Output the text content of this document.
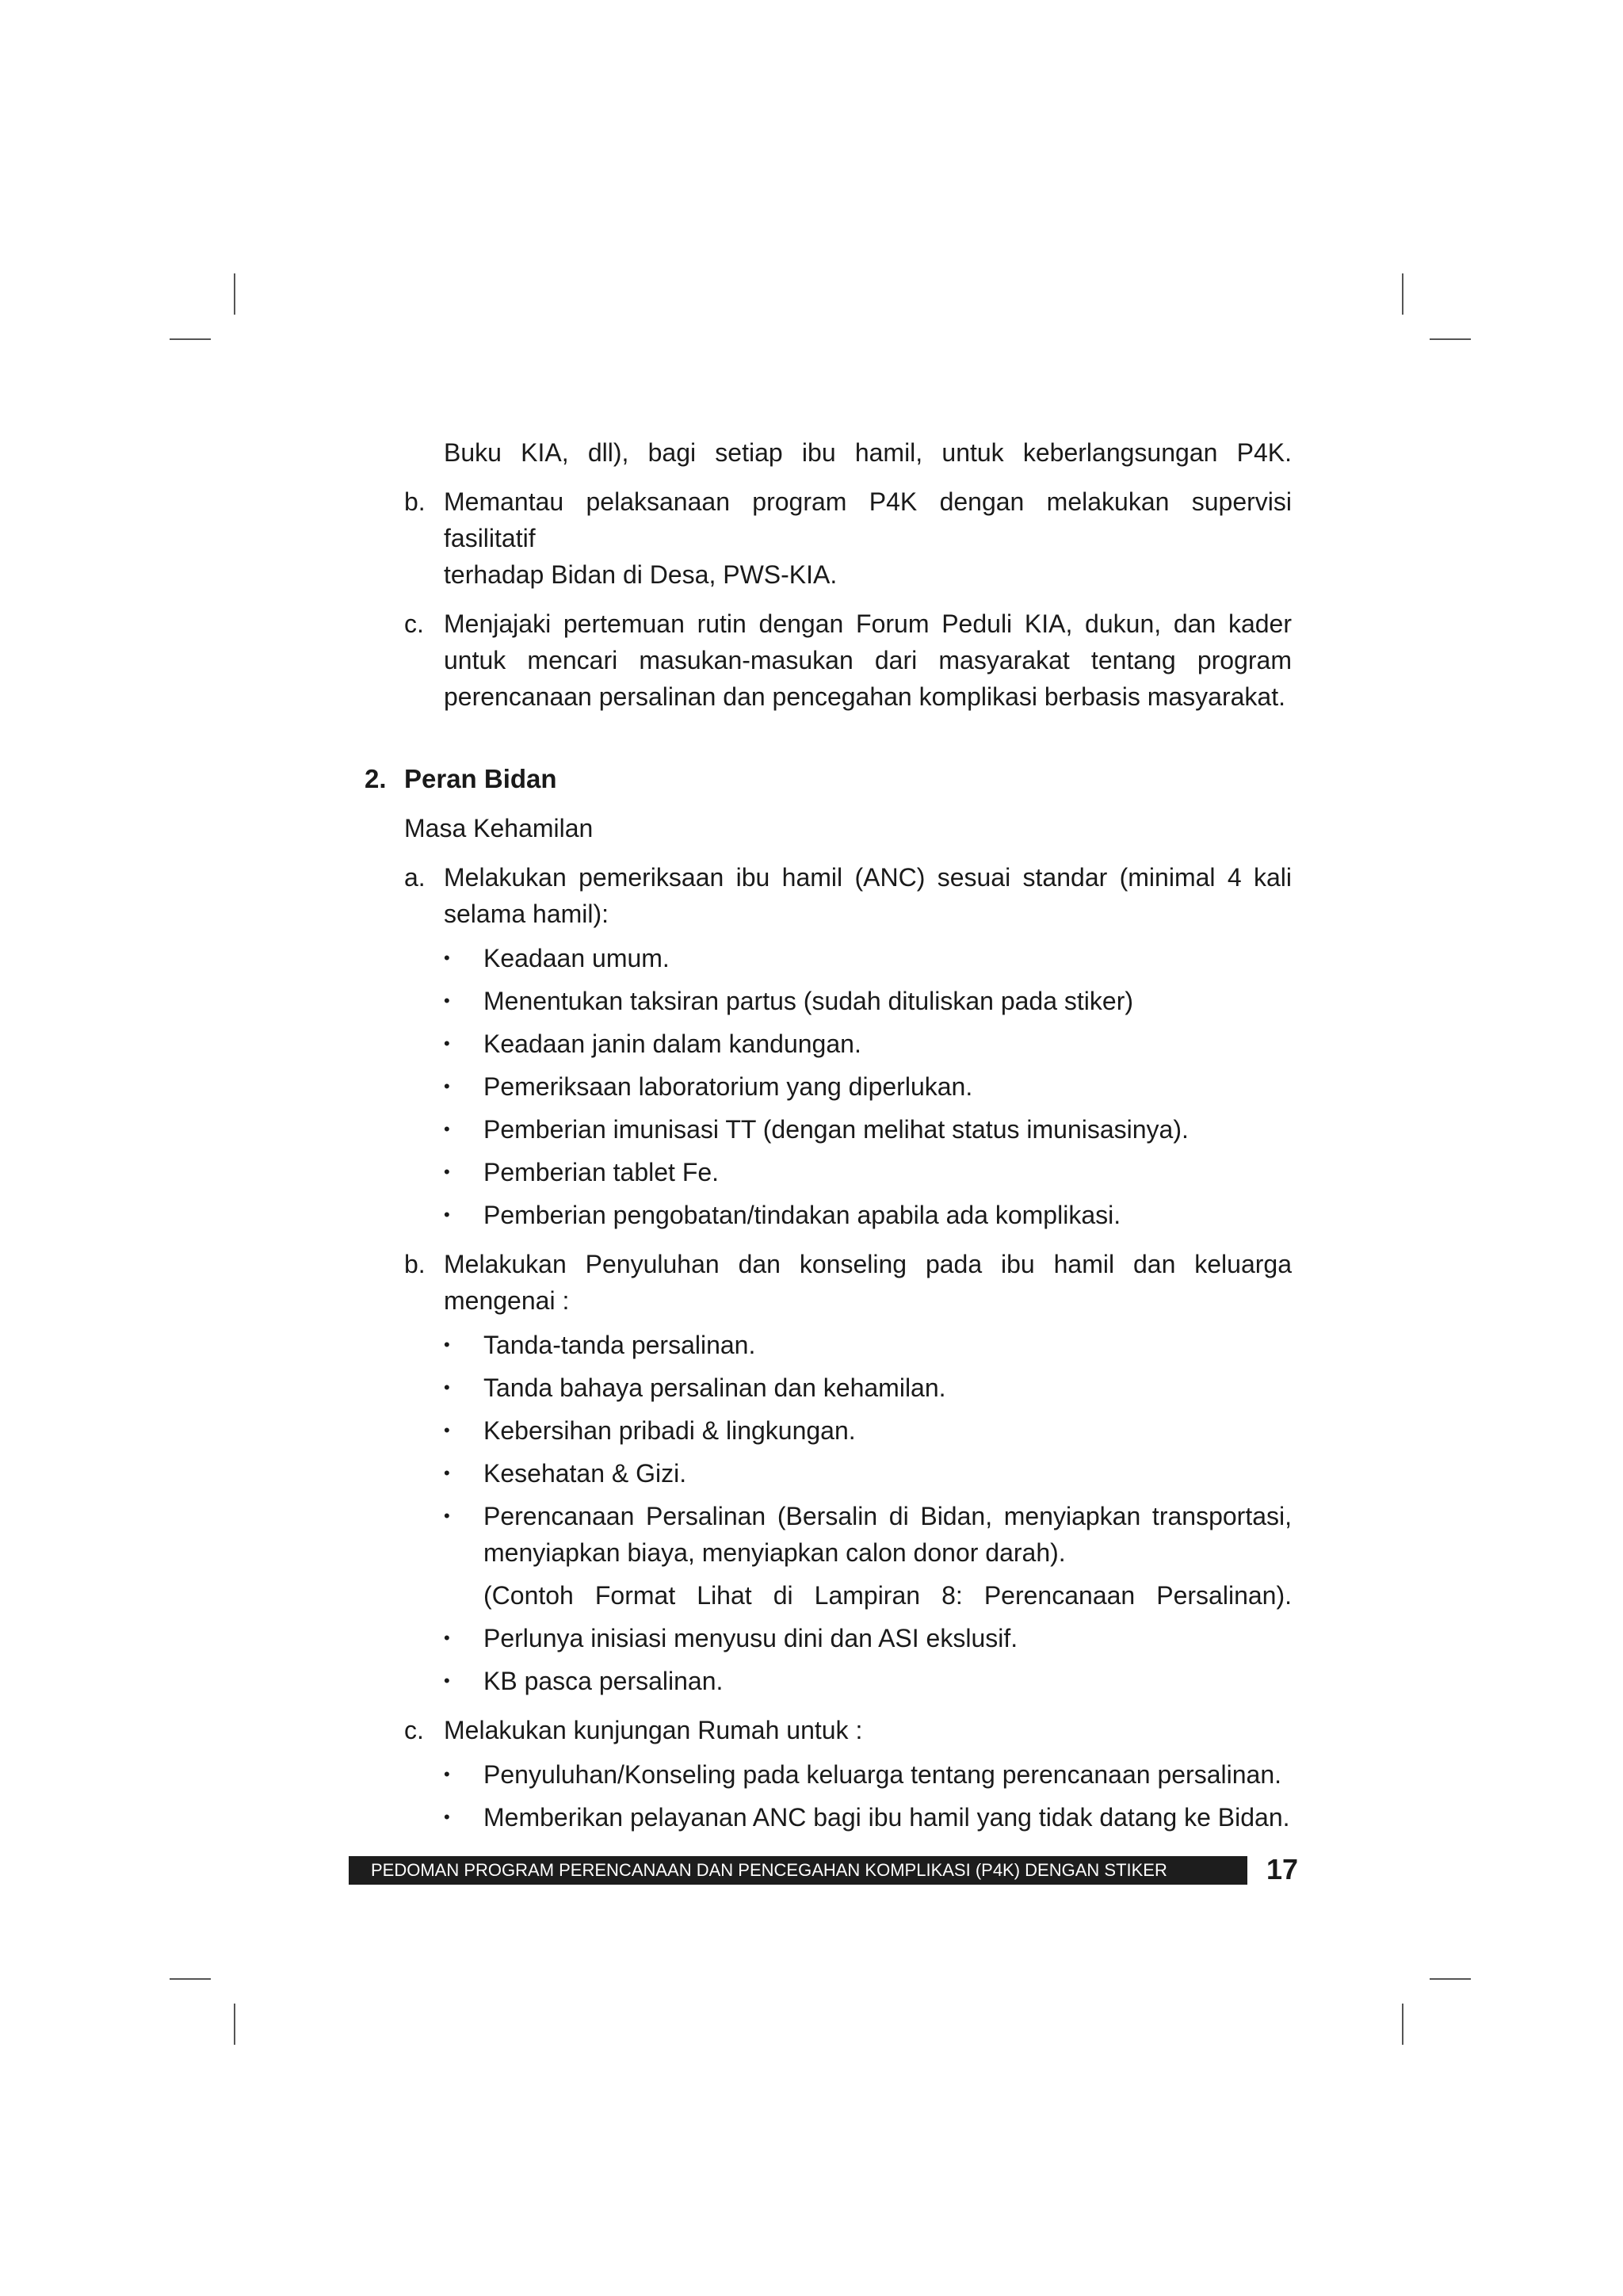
Buku KIA, dll), bagi setiap ibu hamil, untuk keberlangsungan P4K.
b. Memantau pelaksanaan program P4K dengan melakukan supervisi fasilitatif
terhadap Bidan di Desa, PWS-KIA.
c. Menjajaki pertemuan rutin dengan Forum Peduli KIA, dukun, dan kader
untuk mencari masukan-masukan dari masyarakat tentang program
perencanaan persalinan dan pencegahan komplikasi berbasis masyarakat.
2. Peran Bidan
Masa Kehamilan
a. Melakukan pemeriksaan ibu hamil (ANC) sesuai standar (minimal 4 kali
selama hamil):
• Keadaan umum.
• Menentukan taksiran partus (sudah dituliskan pada stiker)
• Keadaan janin dalam kandungan.
• Pemeriksaan laboratorium yang diperlukan.
• Pemberian imunisasi TT (dengan melihat status imunisasinya).
• Pemberian tablet Fe.
• Pemberian pengobatan/tindakan apabila ada komplikasi.
b. Melakukan Penyuluhan dan konseling pada ibu hamil dan keluarga
mengenai :
• Tanda-tanda persalinan.
• Tanda bahaya persalinan dan kehamilan.
• Kebersihan pribadi & lingkungan.
• Kesehatan & Gizi.
• Perencanaan Persalinan (Bersalin di Bidan, menyiapkan transportasi,
menyiapkan biaya, menyiapkan calon donor darah).
(Contoh Format Lihat di Lampiran 8: Perencanaan Persalinan).
• Perlunya inisiasi menyusu dini dan ASI ekslusif.
• KB pasca persalinan.
c. Melakukan kunjungan Rumah untuk :
• Penyuluhan/Konseling pada keluarga tentang perencanaan persalinan.
• Memberikan pelayanan ANC bagi ibu hamil yang tidak datang ke Bidan.
PEDOMAN PROGRAM PERENCANAAN DAN PENCEGAHAN KOMPLIKASI (P4K) DENGAN STIKER	17
